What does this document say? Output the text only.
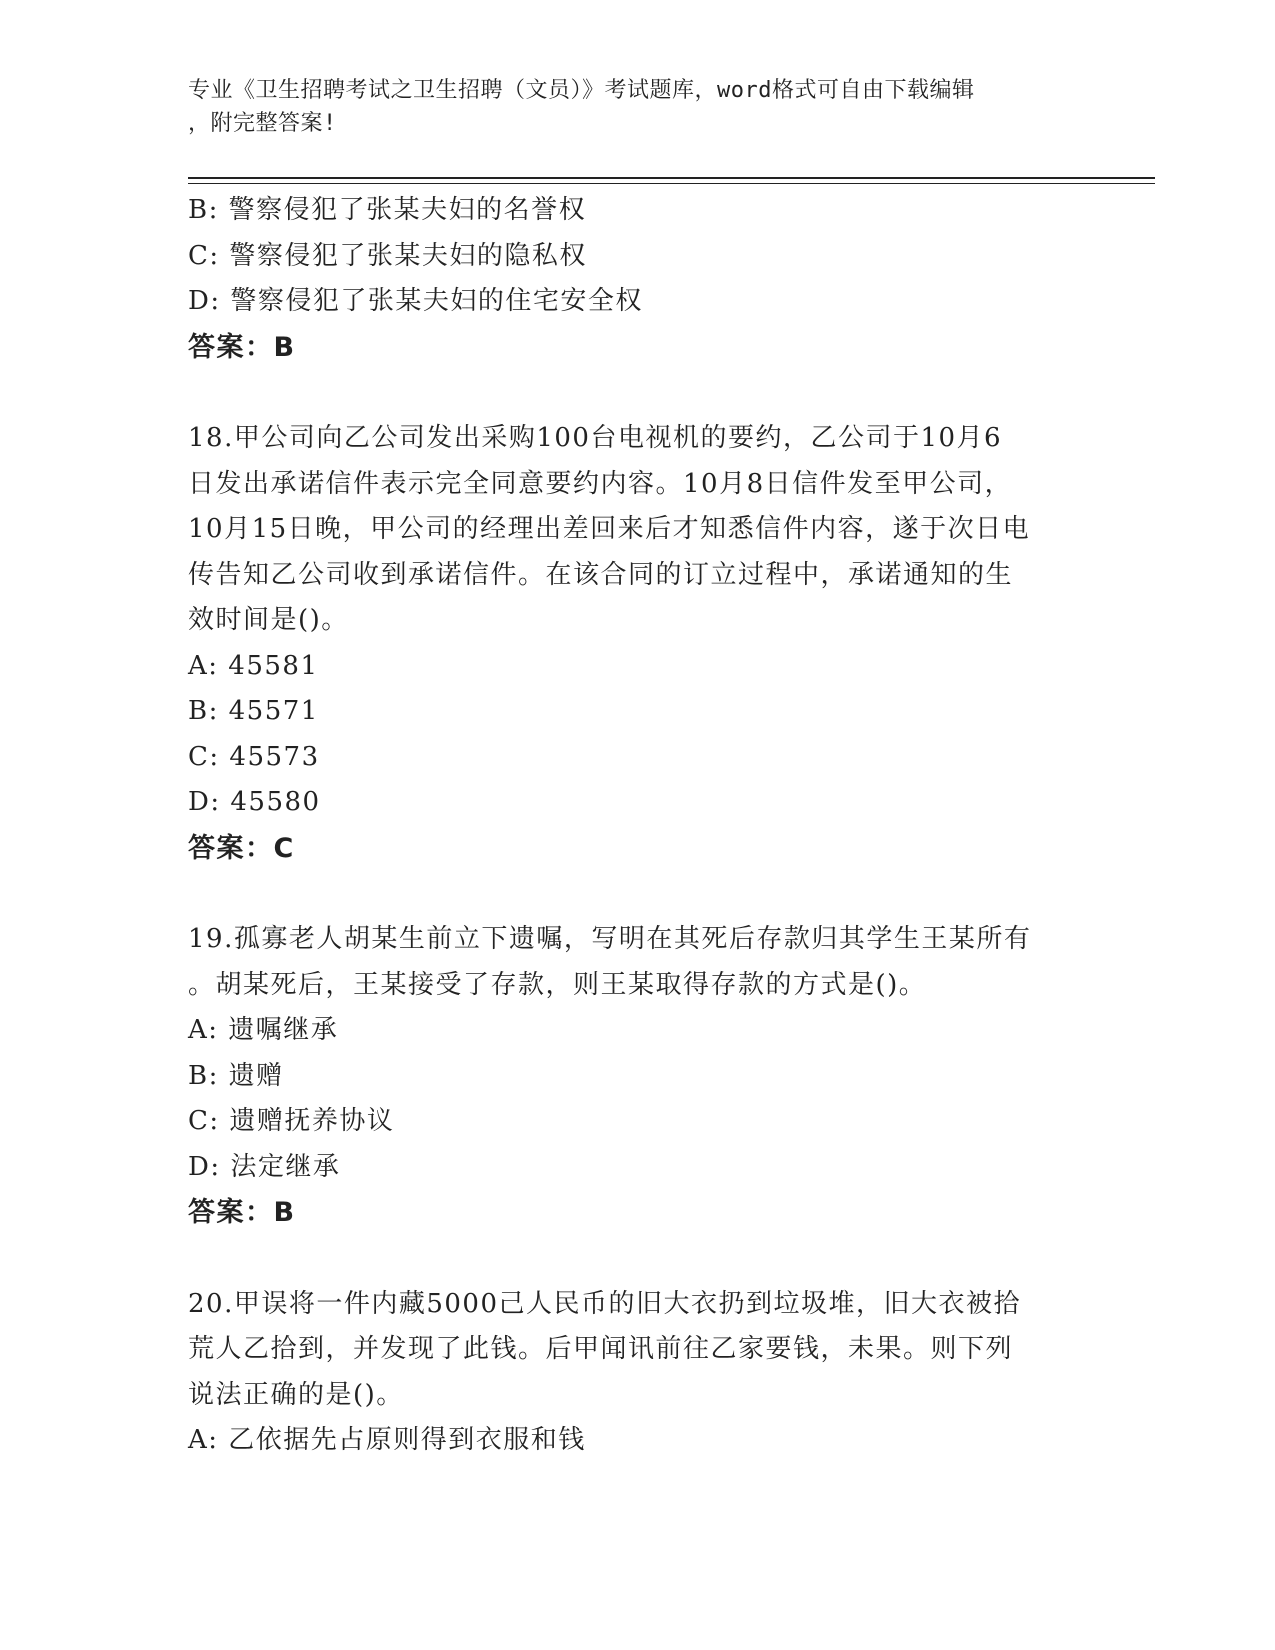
专业《卫生招聘考试之卫生招聘（文员）》考试题库，word格式可自由下载编辑
，附完整答案!
B: 警察侵犯了张某夫妇的名誉权
C: 警察侵犯了张某夫妇的隐私权
D: 警察侵犯了张某夫妇的住宅安全权
答案：B
18.甲公司向乙公司发出采购100台电视机的要约，乙公司于10月6
日发出承诺信件表示完全同意要约内容。10月8日信件发至甲公司，
10月15日晚，甲公司的经理出差回来后才知悉信件内容，遂于次日电
传告知乙公司收到承诺信件。在该合同的订立过程中，承诺通知的生
效时间是()。
A: 45581
B: 45571
C: 45573
D: 45580
答案：C
19.孤寡老人胡某生前立下遗嘱，写明在其死后存款归其学生王某所有
。胡某死后，王某接受了存款，则王某取得存款的方式是()。
A: 遗嘱继承
B: 遗赠
C: 遗赠抚养协议
D: 法定继承
答案：B
20.甲误将一件内藏5000己人民币的旧大衣扔到垃圾堆，旧大衣被拾
荒人乙拾到，并发现了此钱。后甲闻讯前往乙家要钱，未果。则下列
说法正确的是()。
A: 乙依据先占原则得到衣服和钱
